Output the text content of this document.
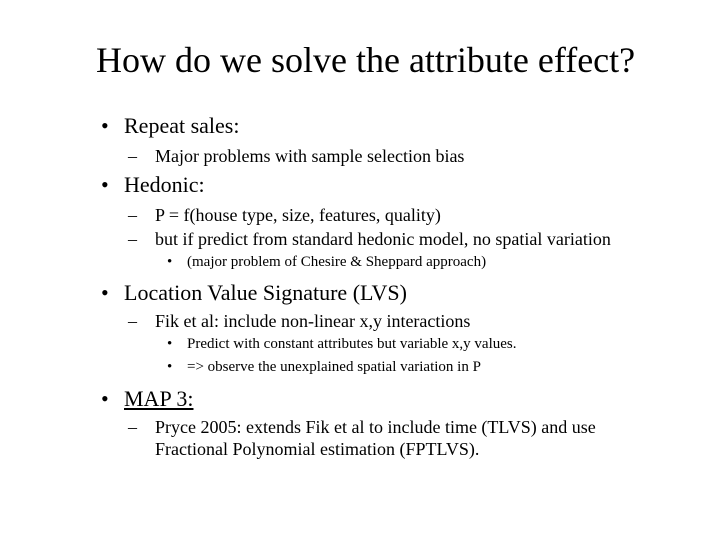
How do we solve the attribute effect?
• Repeat sales:
– Major problems with sample selection bias
• Hedonic:
– P = f(house type, size, features, quality)
– but if predict from standard hedonic model, no spatial variation
• (major problem of Chesire & Sheppard approach)
• Location Value Signature (LVS)
– Fik et al: include non-linear x,y interactions
• Predict with constant attributes but variable x,y values.
• => observe the unexplained spatial variation in P
• MAP 3:
– Pryce 2005: extends Fik et al to include time (TLVS) and use
Fractional Polynomial estimation (FPTLVS).
